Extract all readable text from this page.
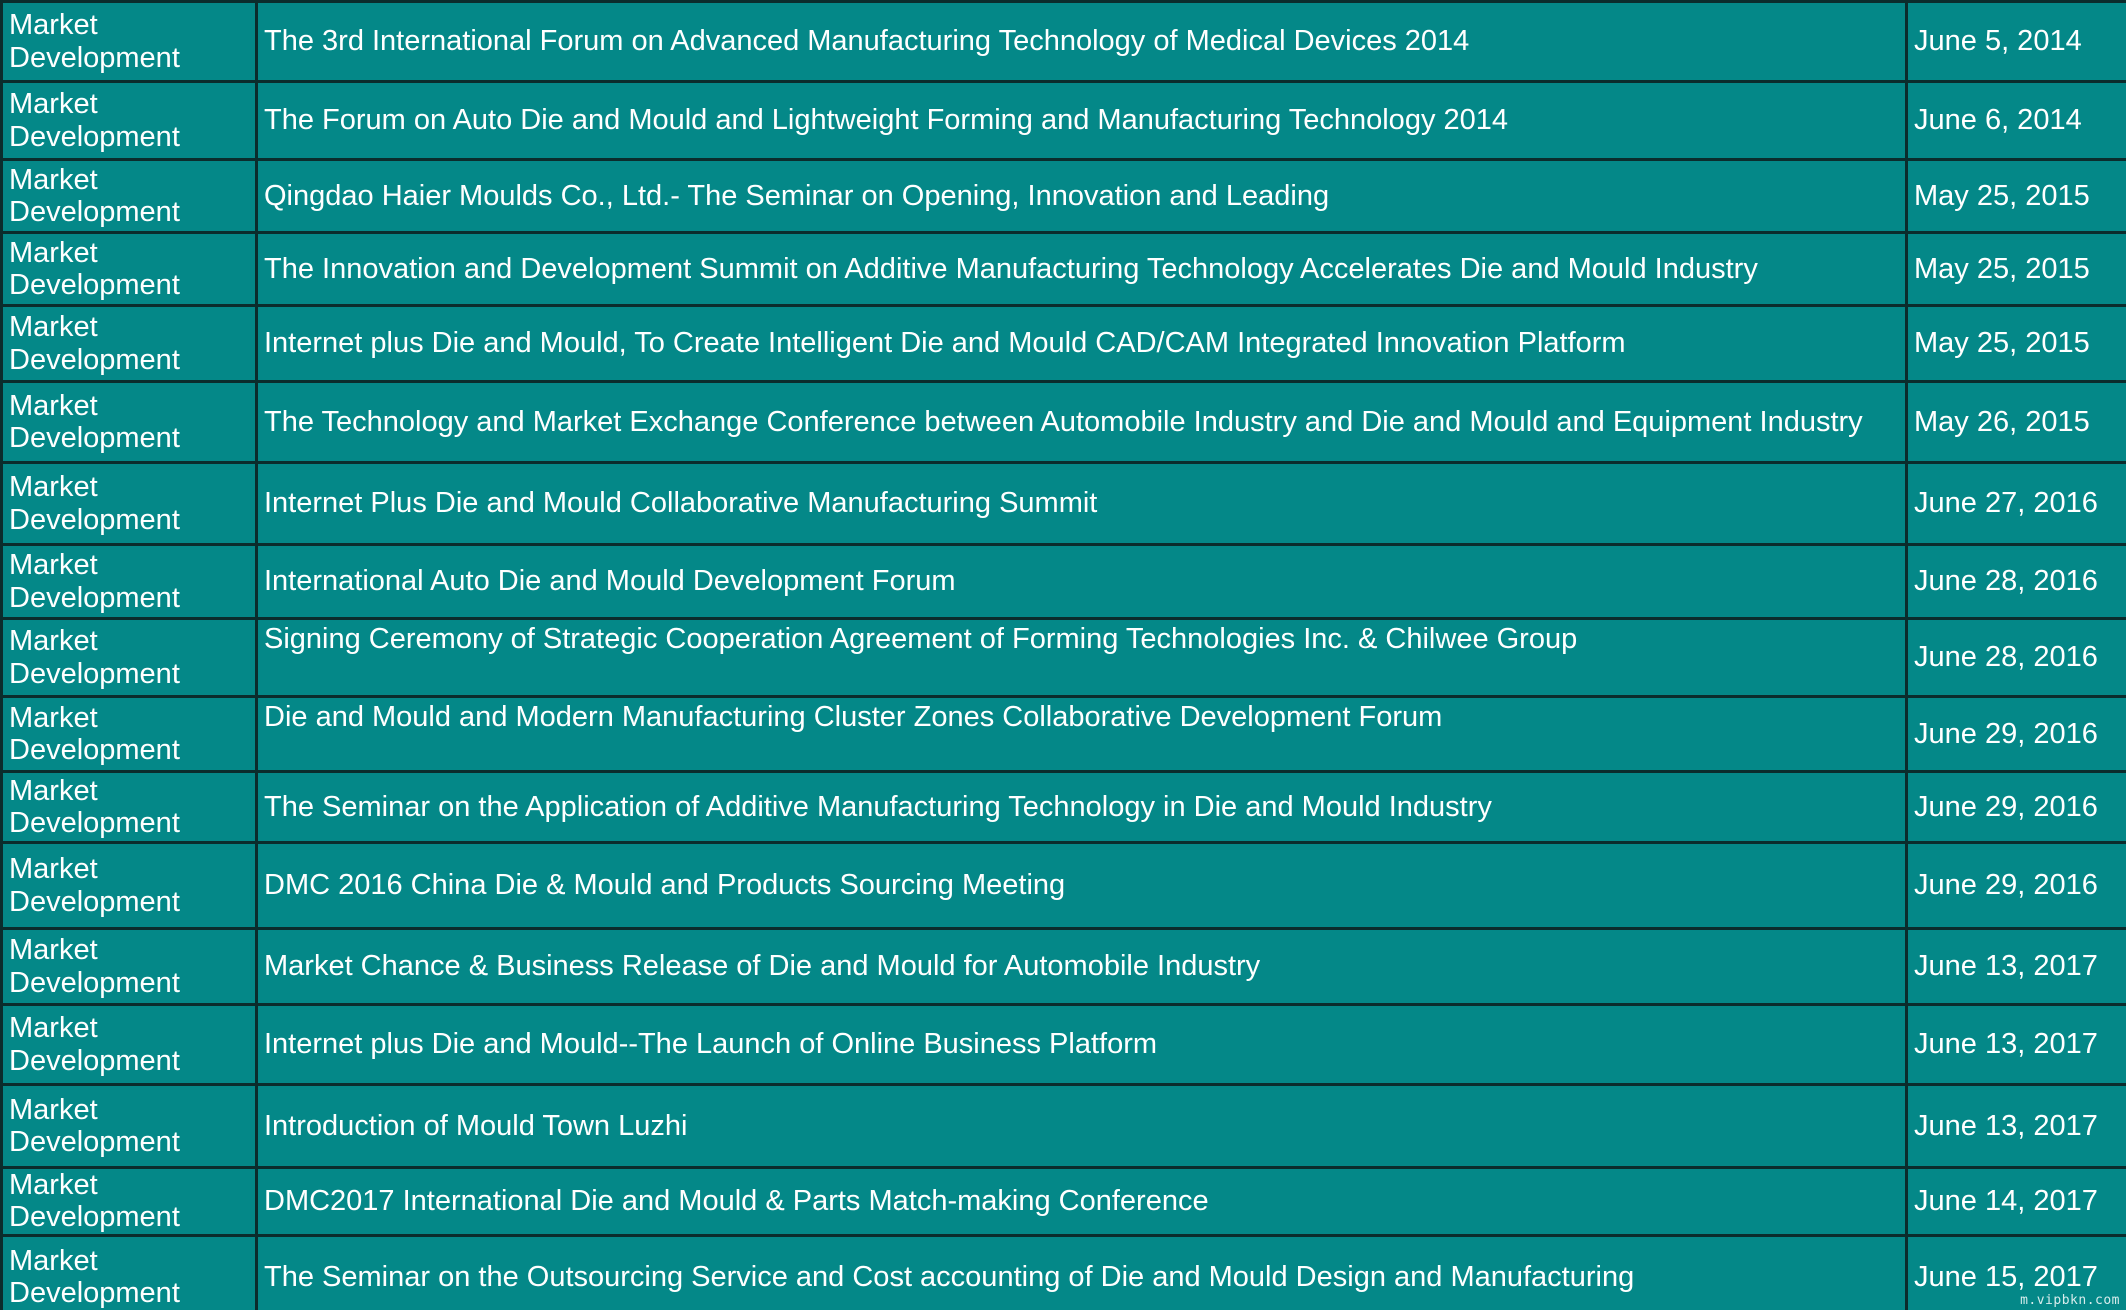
Market
Development	The 3rd International Forum on Advanced Manufacturing Technology of Medical Devices 2014	June 5, 2014

Market
Development	The Forum on Auto Die and Mould and Lightweight Forming and Manufacturing Technology 2014	June 6, 2014

Market
Development	Qingdao Haier Moulds Co., Ltd.- The Seminar on Opening, Innovation and Leading	May 25, 2015

Market
Development	The Innovation and Development Summit on Additive Manufacturing Technology Accelerates Die and Mould Industry	May 25, 2015

Market
Development	Internet plus Die and Mould, To Create Intelligent Die and Mould CAD/CAM Integrated Innovation Platform	May 25, 2015

Market
Development	The Technology and Market Exchange Conference between Automobile Industry and Die and Mould and Equipment Industry	May 26, 2015

Market
Development	Internet Plus Die and Mould Collaborative Manufacturing Summit	June 27, 2016

Market
Development	International Auto Die and Mould Development Forum	June 28, 2016

Market
Development	Signing Ceremony of Strategic Cooperation Agreement of Forming Technologies Inc. & Chilwee Group	June 28, 2016

Market
Development	Die and Mould and Modern Manufacturing Cluster Zones Collaborative Development Forum	June 29, 2016

Market
Development	The Seminar on the Application of Additive Manufacturing Technology in Die and Mould Industry	June 29, 2016

Market
Development	DMC 2016 China Die & Mould and Products Sourcing Meeting	June 29, 2016

Market
Development	Market Chance & Business Release of Die and Mould for Automobile Industry	June 13, 2017

Market
Development	Internet plus Die and Mould--The Launch of Online Business Platform	June 13, 2017

Market
Development	Introduction of Mould Town Luzhi	June 13, 2017

Market
Development	DMC2017 International Die and Mould & Parts Match-making Conference	June 14, 2017

Market
Development	The Seminar on the Outsourcing Service and Cost accounting of Die and Mould Design and Manufacturing	June 15, 2017
m.vipbkn.com
